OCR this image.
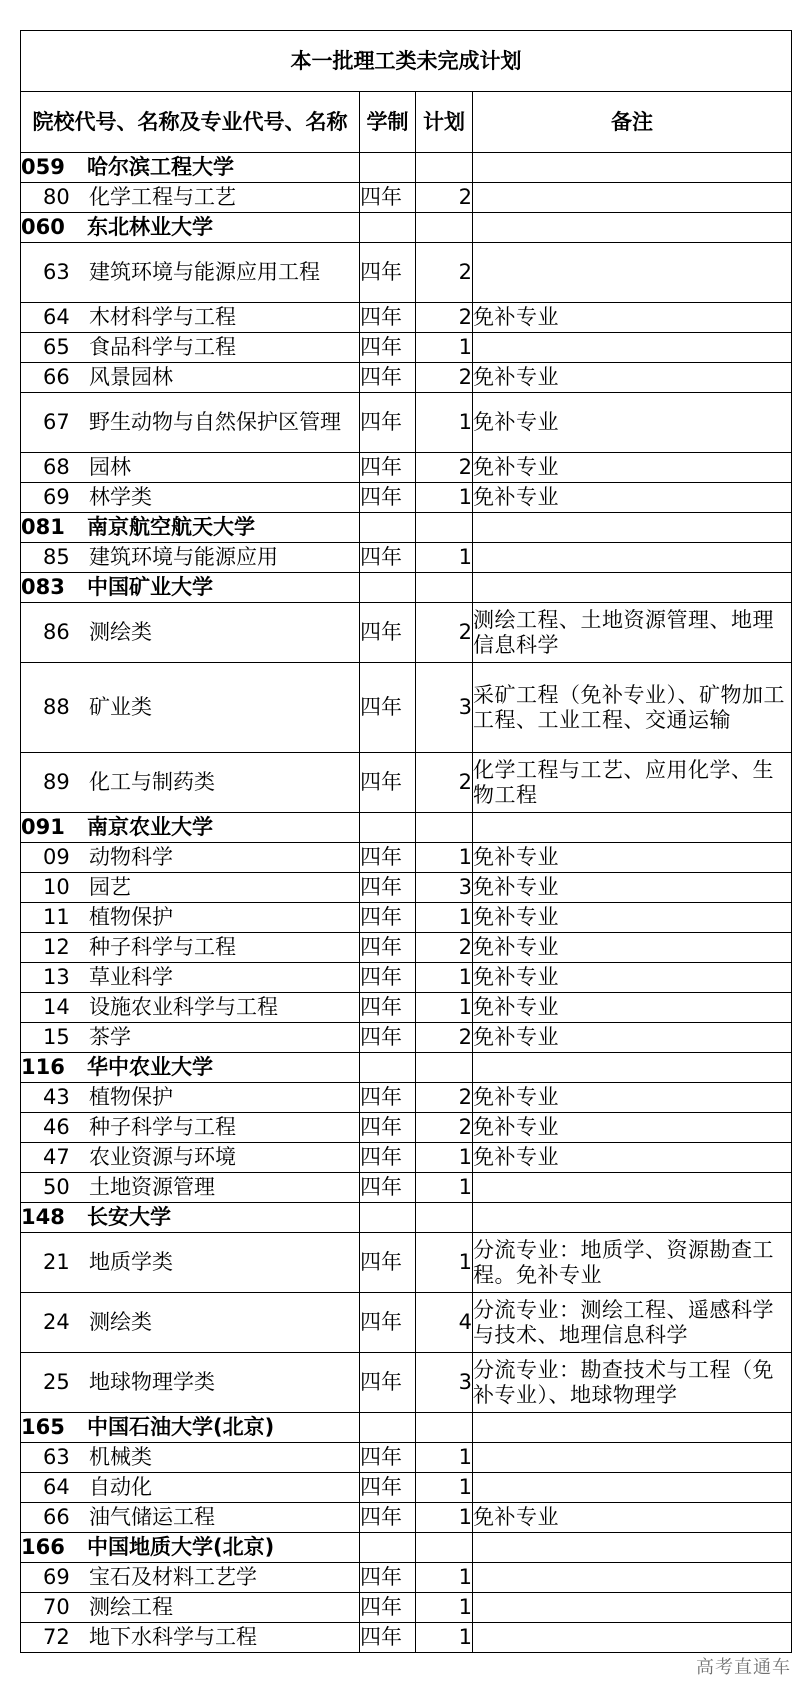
本一批理工类未完成计划			
院校代号、名称及专业代号、名称	学制	计划	备注
059 哈尔滨工程大学			
80 化学工程与工艺	四年	2	
060 东北林业大学			
63 建筑环境与能源应用工程	四年	2	
64 木材科学与工程	四年	2	免补专业
65 食品科学与工程	四年	1	
66 风景园林	四年	2	免补专业
67 野生动物与自然保护区管理	四年	1	免补专业
68 园林	四年	2	免补专业
69 林学类	四年	1	免补专业
081 南京航空航天大学			
85 建筑环境与能源应用	四年	1	
083 中国矿业大学			
86 测绘类	四年	2	测绘工程、土地资源管理、地理信息科学
88 矿业类	四年	3	采矿工程（免补专业）、矿物加工工程、工业工程、交通运输
89 化工与制药类	四年	2	化学工程与工艺、应用化学、生物工程
091 南京农业大学			
09 动物科学	四年	1	免补专业
10 园艺	四年	3	免补专业
11 植物保护	四年	1	免补专业
12 种子科学与工程	四年	2	免补专业
13 草业科学	四年	1	免补专业
14 设施农业科学与工程	四年	1	免补专业
15 茶学	四年	2	免补专业
116 华中农业大学			
43 植物保护	四年	2	免补专业
46 种子科学与工程	四年	2	免补专业
47 农业资源与环境	四年	1	免补专业
50 土地资源管理	四年	1	
148 长安大学			
21 地质学类	四年	1	分流专业：地质学、资源勘查工程。免补专业
24 测绘类	四年	4	分流专业：测绘工程、遥感科学与技术、地理信息科学
25 地球物理学类	四年	3	分流专业：勘查技术与工程（免补专业）、地球物理学
165 中国石油大学(北京)			
63 机械类	四年	1	
64 自动化	四年	1	
66 油气储运工程	四年	1	免补专业
166 中国地质大学(北京)			
69 宝石及材料工艺学	四年	1	
70 测绘工程	四年	1	
72 地下水科学与工程	四年	1	
高考直通车
